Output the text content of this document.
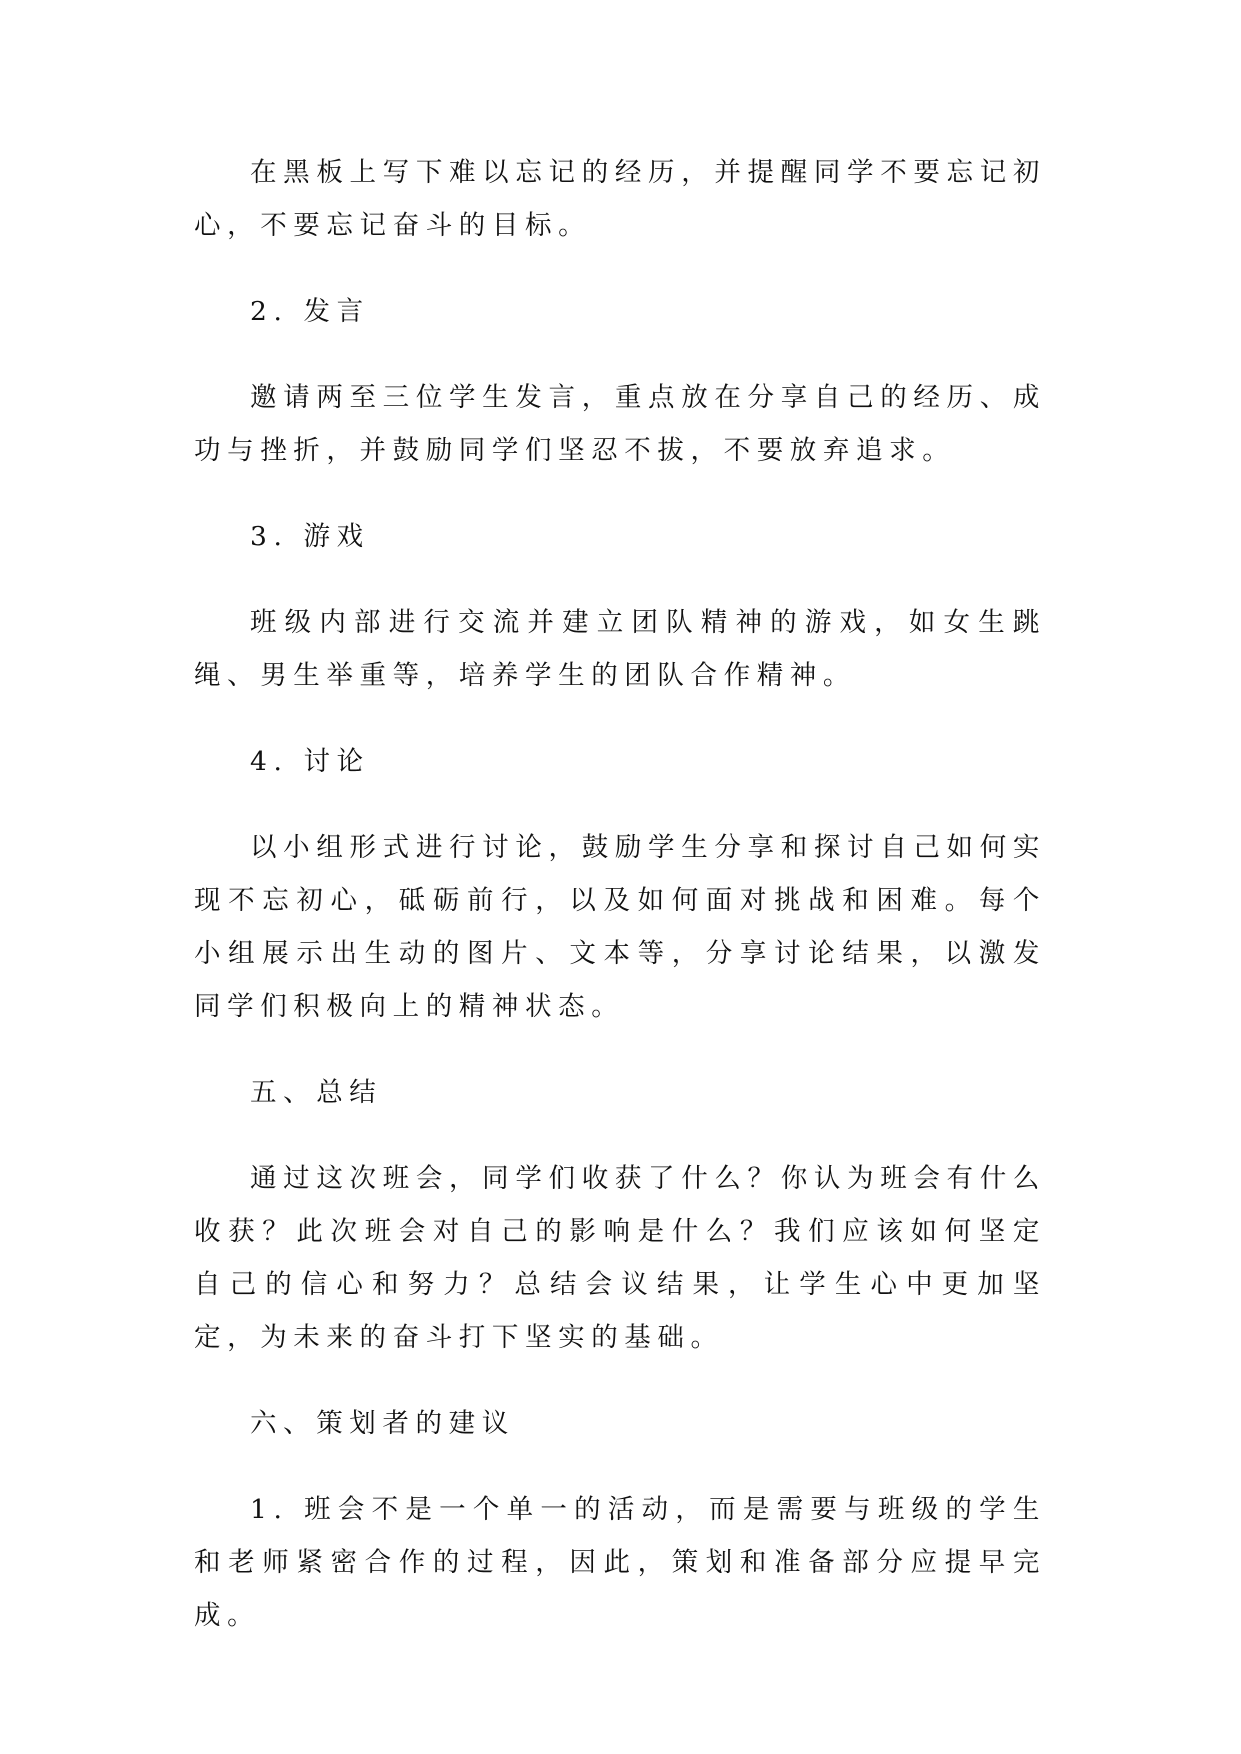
在黑板上写下难以忘记的经历，并提醒同学不要忘记初心，不要忘记奋斗的目标。

2. 发言

邀请两至三位学生发言，重点放在分享自己的经历、成功与挫折，并鼓励同学们坚忍不拔，不要放弃追求。

3. 游戏

班级内部进行交流并建立团队精神的游戏，如女生跳绳、男生举重等，培养学生的团队合作精神。

4. 讨论

以小组形式进行讨论，鼓励学生分享和探讨自己如何实现不忘初心，砥砺前行，以及如何面对挑战和困难。每个小组展示出生动的图片、文本等，分享讨论结果，以激发同学们积极向上的精神状态。

五、总结

通过这次班会，同学们收获了什么？你认为班会有什么收获？此次班会对自己的影响是什么？我们应该如何坚定自己的信心和努力？总结会议结果，让学生心中更加坚定，为未来的奋斗打下坚实的基础。

六、策划者的建议

1. 班会不是一个单一的活动，而是需要与班级的学生和老师紧密合作的过程，因此，策划和准备部分应提早完成。
